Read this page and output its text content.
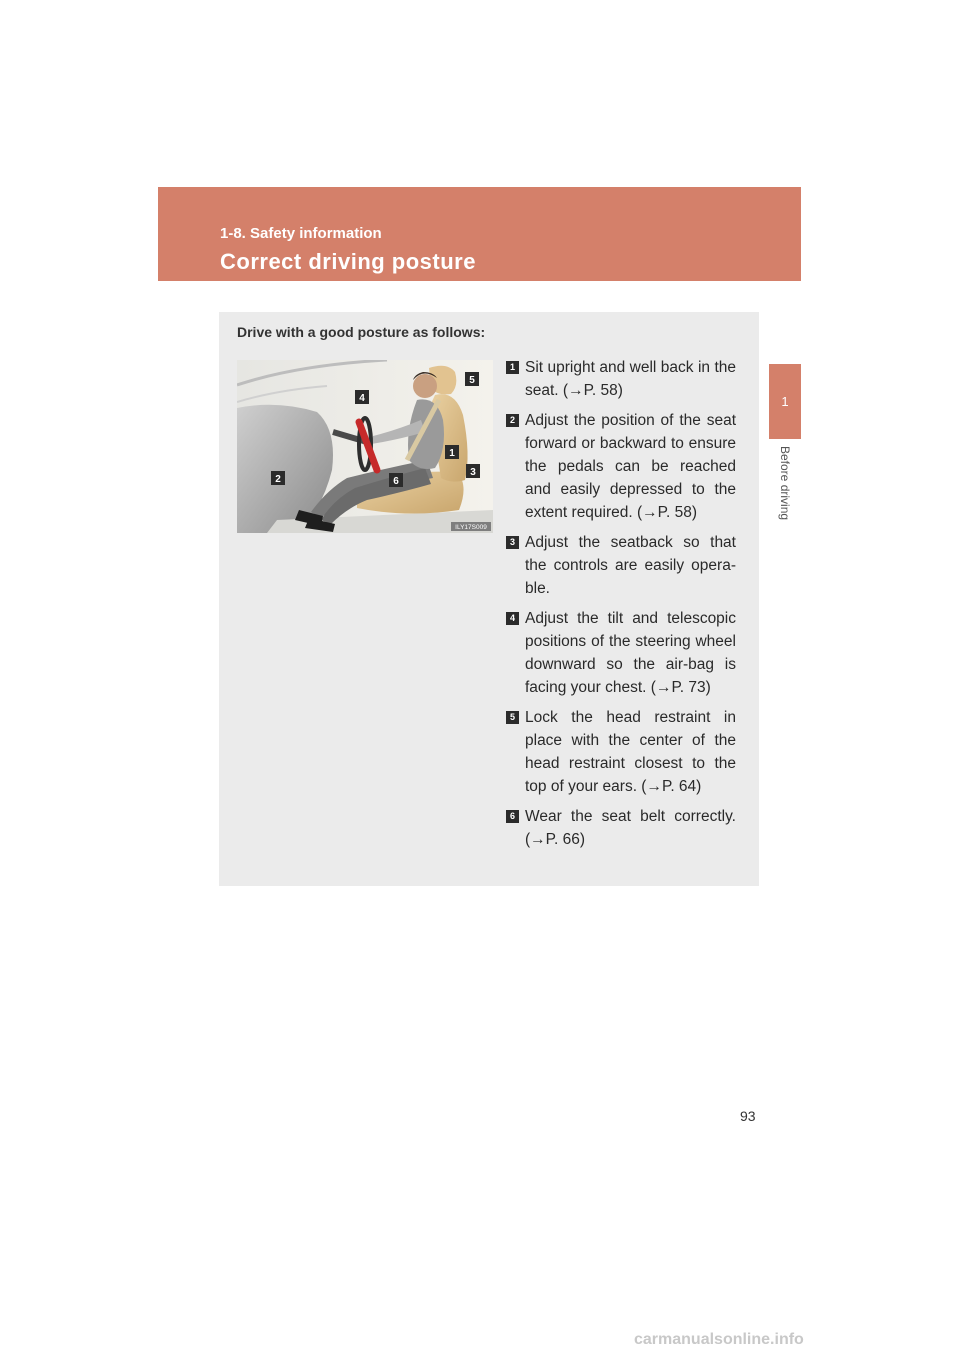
1-8. Safety information
Correct driving posture
1
Before driving
Drive with a good posture as follows:
5
4
1
3
2	6
ILY17S009
1 Sit upright and well back in the seat. (→P. 58)
2 Adjust the position of the seat forward or backward to ensure the pedals can be reached and easily depressed to the extent required. (→P. 58)
3 Adjust the seatback so that the controls are easily opera-ble.
4 Adjust the tilt and telescopic positions of the steering wheel downward so the air-bag is facing your chest. (→P. 73)
5 Lock the head restraint in place with the center of the head restraint closest to the top of your ears. (→P. 64)
6 Wear the seat belt correctly. (→P. 66)
93
carmanualsonline.info
